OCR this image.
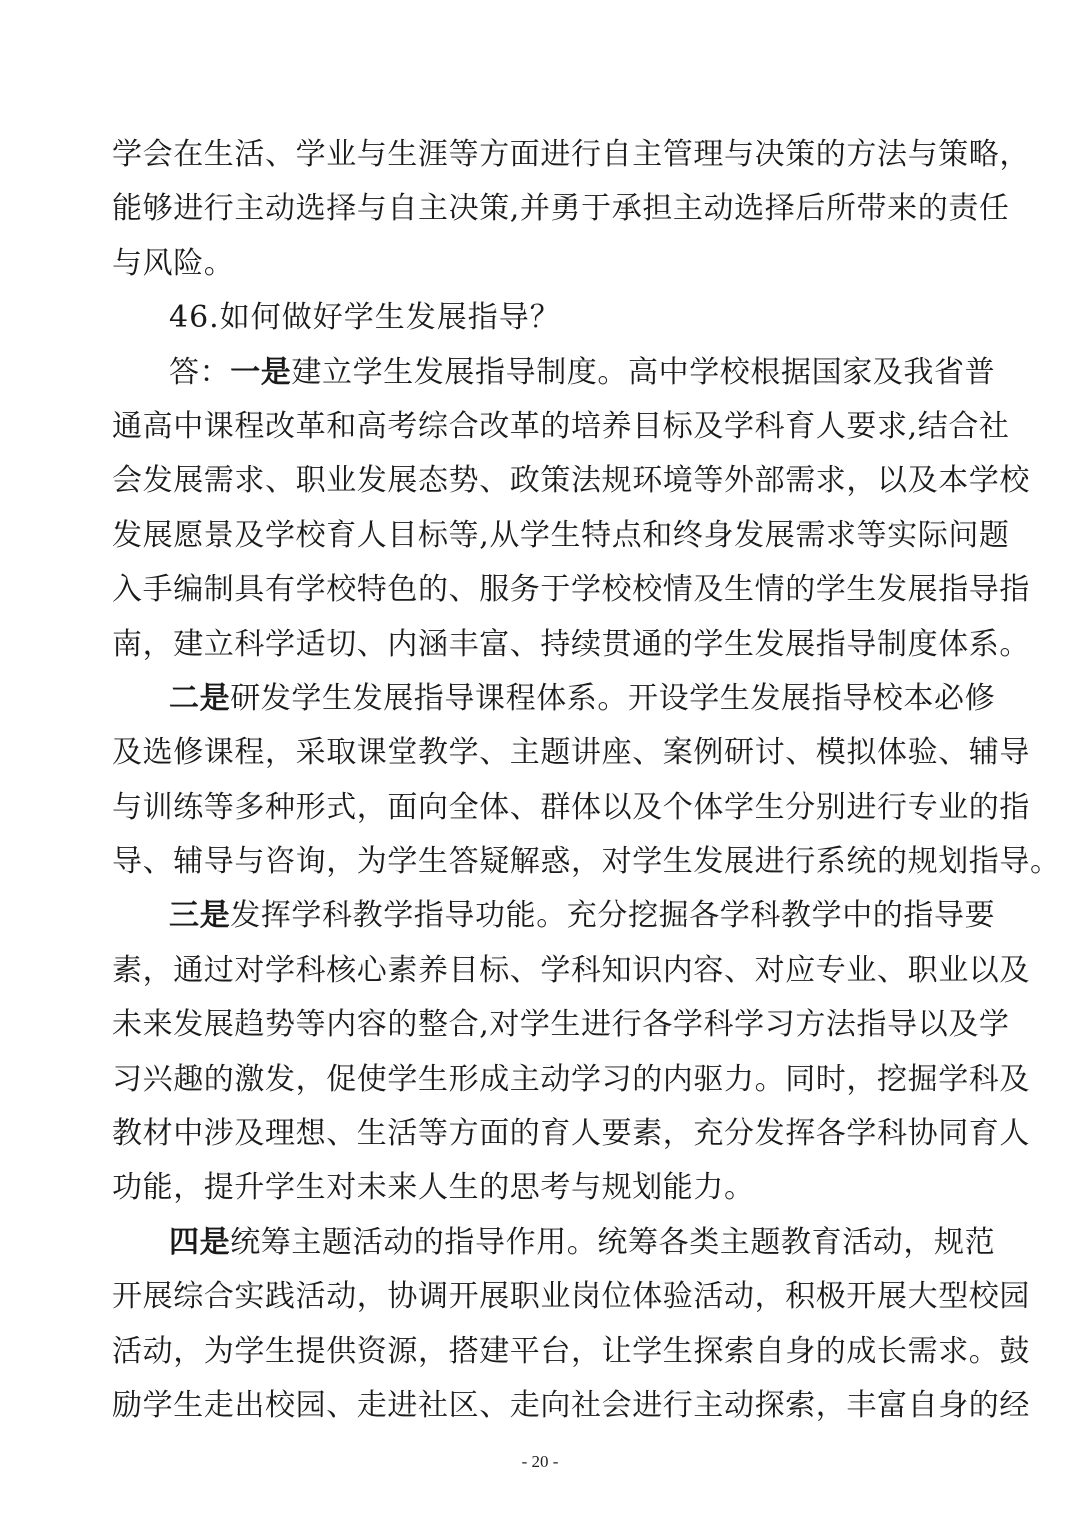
学会在生活、学业与生涯等方面进行自主管理与决策的方法与策略，
能够进行主动选择与自主决策,并勇于承担主动选择后所带来的责任
与风险。
46.如何做好学生发展指导？
答：一是建立学生发展指导制度。高中学校根据国家及我省普
通高中课程改革和高考综合改革的培养目标及学科育人要求,结合社
会发展需求、职业发展态势、政策法规环境等外部需求，以及本学校
发展愿景及学校育人目标等,从学生特点和终身发展需求等实际问题
入手编制具有学校特色的、服务于学校校情及生情的学生发展指导指
南，建立科学适切、内涵丰富、持续贯通的学生发展指导制度体系。
二是研发学生发展指导课程体系。开设学生发展指导校本必修
及选修课程，采取课堂教学、主题讲座、案例研讨、模拟体验、辅导
与训练等多种形式，面向全体、群体以及个体学生分别进行专业的指
导、辅导与咨询，为学生答疑解惑，对学生发展进行系统的规划指导。
三是发挥学科教学指导功能。充分挖掘各学科教学中的指导要
素，通过对学科核心素养目标、学科知识内容、对应专业、职业以及
未来发展趋势等内容的整合,对学生进行各学科学习方法指导以及学
习兴趣的激发，促使学生形成主动学习的内驱力。同时，挖掘学科及
教材中涉及理想、生活等方面的育人要素，充分发挥各学科协同育人
功能，提升学生对未来人生的思考与规划能力。
四是统筹主题活动的指导作用。统筹各类主题教育活动，规范
开展综合实践活动，协调开展职业岗位体验活动，积极开展大型校园
活动，为学生提供资源，搭建平台，让学生探索自身的成长需求。鼓
励学生走出校园、走进社区、走向社会进行主动探索，丰富自身的经
- 20 -
